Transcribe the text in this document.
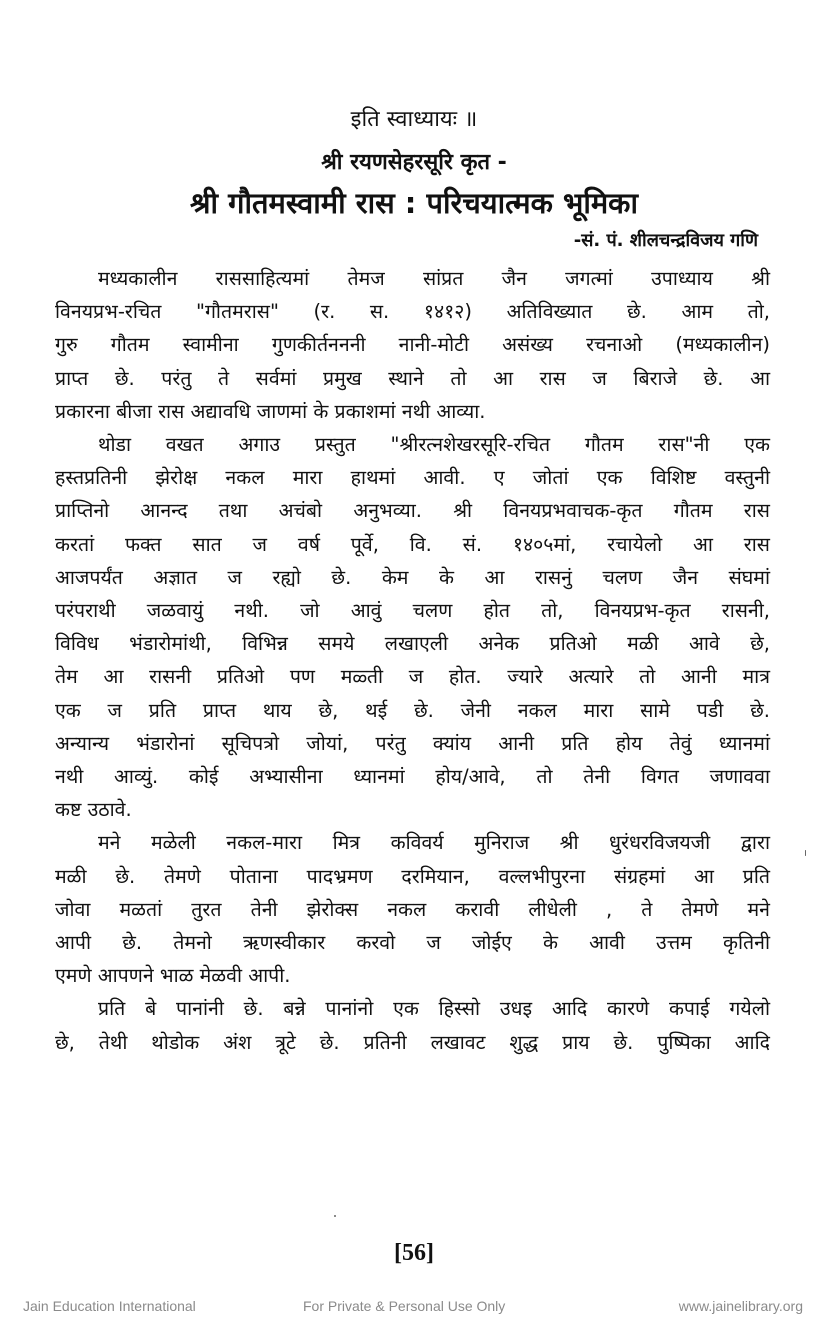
इति स्वाध्यायः ॥
श्री रयणसेहरसूरि कृत -
श्री गौतमस्वामी रास : परिचयात्मक भूमिका
-सं. पं. शीलचन्द्रविजय गणि
मध्यकालीन राससाहित्यमां तेमज सांप्रत जैन जगत्मां उपाध्याय श्री
विनयप्रभ-रचित "गौतमरास" (र. स. १४१२) अतिविख्यात छे. आम तो,
गुरु गौतम स्वामीना गुणकीर्तनननी नानी-मोटी असंख्य रचनाओ (मध्यकालीन)
प्राप्त छे. परंतु ते सर्वमां प्रमुख स्थाने तो आ रास ज बिराजे छे. आ
प्रकारना बीजा रास अद्यावधि जाणमां के प्रकाशमां नथी आव्या.
थोडा वखत अगाउ प्रस्तुत "श्रीरत्नशेखरसूरि-रचित गौतम रास"नी एक
हस्तप्रतिनी झेरोक्ष नकल मारा हाथमां आवी. ए जोतां एक विशिष्ट वस्तुनी
प्राप्तिनो आनन्द तथा अचंबो अनुभव्या. श्री विनयप्रभवाचक-कृत गौतम रास
करतां फक्त सात ज वर्ष पूर्वे, वि. सं. १४०५मां, रचायेलो आ रास
आजपर्यंत अज्ञात ज रह्यो छे. केम के आ रासनुं चलण जैन संघमां
परंपराथी जळवायुं नथी. जो आवुं चलण होत तो, विनयप्रभ-कृत रासनी,
विविध भंडारोमांथी, विभिन्न समये लखाएली अनेक प्रतिओ मळी आवे छे,
तेम आ रासनी प्रतिओ पण मळ्ती ज होत. ज्यारे अत्यारे तो आनी मात्र
एक ज प्रति प्राप्त थाय छे, थई छे. जेनी नकल मारा सामे पडी छे.
अन्यान्य भंडारोनां सूचिपत्रो जोयां, परंतु क्यांय आनी प्रति होय तेवुं ध्यानमां
नथी आव्युं. कोई अभ्यासीना ध्यानमां होय/आवे, तो तेनी विगत जणाववा
कष्ट उठावे.
मने मळेली नकल-मारा मित्र कविवर्य मुनिराज श्री धुरंधरविजयजी द्वारा
मळी छे. तेमणे पोताना पादभ्रमण दरमियान, वल्लभीपुरना संग्रहमां आ प्रति
जोवा मळतां तुरत तेनी झेरोक्स नकल करावी लीधेली , ते तेमणे मने
आपी छे. तेमनो ऋणस्वीकार करवो ज जोईए के आवी उत्तम कृतिनी
एमणे आपणने भाळ मेळवी आपी.
प्रति बे पानांनी छे. बन्ने पानांनो एक हिस्सो उधइ आदि कारणे कपाई गयेलो
छे, तेथी थोडोक अंश त्रूटे छे. प्रतिनी लखावट शुद्ध प्राय छे. पुष्पिका आदि
[56]
Jain Education International	For Private & Personal Use Only	www.jainelibrary.org
